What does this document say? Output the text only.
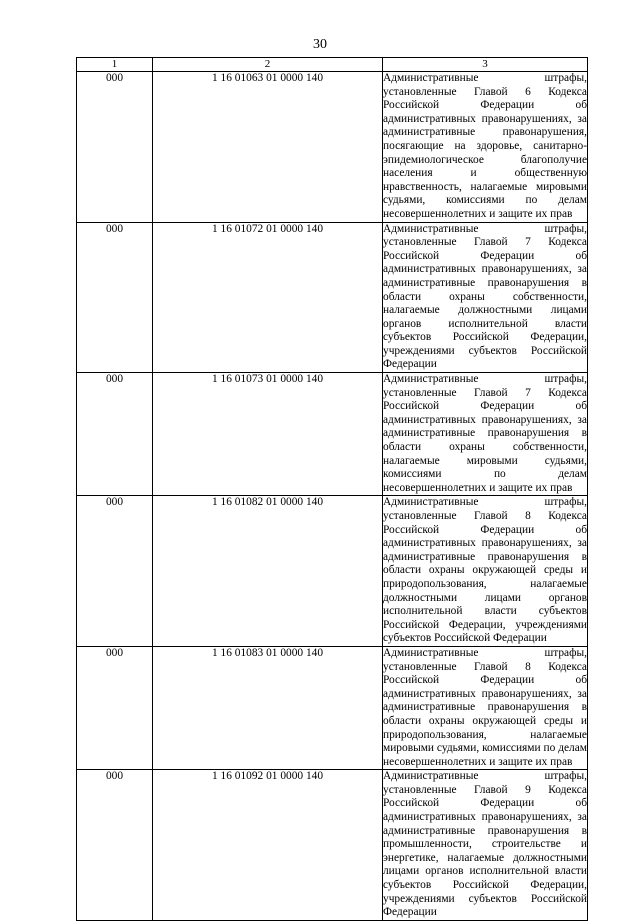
30
1	2	3
000	1 16 01063 01 0000 140	Административные штрафы, установленные Главой 6 Кодекса Российской Федерации об административных правонарушениях, за административные правонарушения, посягающие на здоровье, санитарно-эпидемиологическое благополучие населения и общественную нравственность, налагаемые мировыми судьями, комиссиями по делам несовершеннолетних и защите их прав

000	1 16 01072 01 0000 140	Административные штрафы, установленные Главой 7 Кодекса Российской Федерации об административных правонарушениях, за административные правонарушения в области охраны собственности, налагаемые должностными лицами органов исполнительной власти субъектов Российской Федерации, учреждениями субъектов Российской Федерации

000	1 16 01073 01 0000 140	Административные штрафы, установленные Главой 7 Кодекса Российской Федерации об административных правонарушениях, за административные правонарушения в области охраны собственности, налагаемые мировыми судьями, комиссиями по делам несовершеннолетних и защите их прав

000	1 16 01082 01 0000 140	Административные штрафы, установленные Главой 8 Кодекса Российской Федерации об административных правонарушениях, за административные правонарушения в области охраны окружающей среды и природопользования, налагаемые должностными лицами органов исполнительной власти субъектов Российской Федерации, учреждениями субъектов Российской Федерации

000	1 16 01083 01 0000 140	Административные штрафы, установленные Главой 8 Кодекса Российской Федерации об административных правонарушениях, за административные правонарушения в области охраны окружающей среды и природопользования, налагаемые мировыми судьями, комиссиями по делам несовершеннолетних и защите их прав

000	1 16 01092 01 0000 140	Административные штрафы, установленные Главой 9 Кодекса Российской Федерации об административных правонарушениях, за административные правонарушения в промышленности, строительстве и энергетике, налагаемые должностными лицами органов исполнительной власти субъектов Российской Федерации, учреждениями субъектов Российской Федерации
